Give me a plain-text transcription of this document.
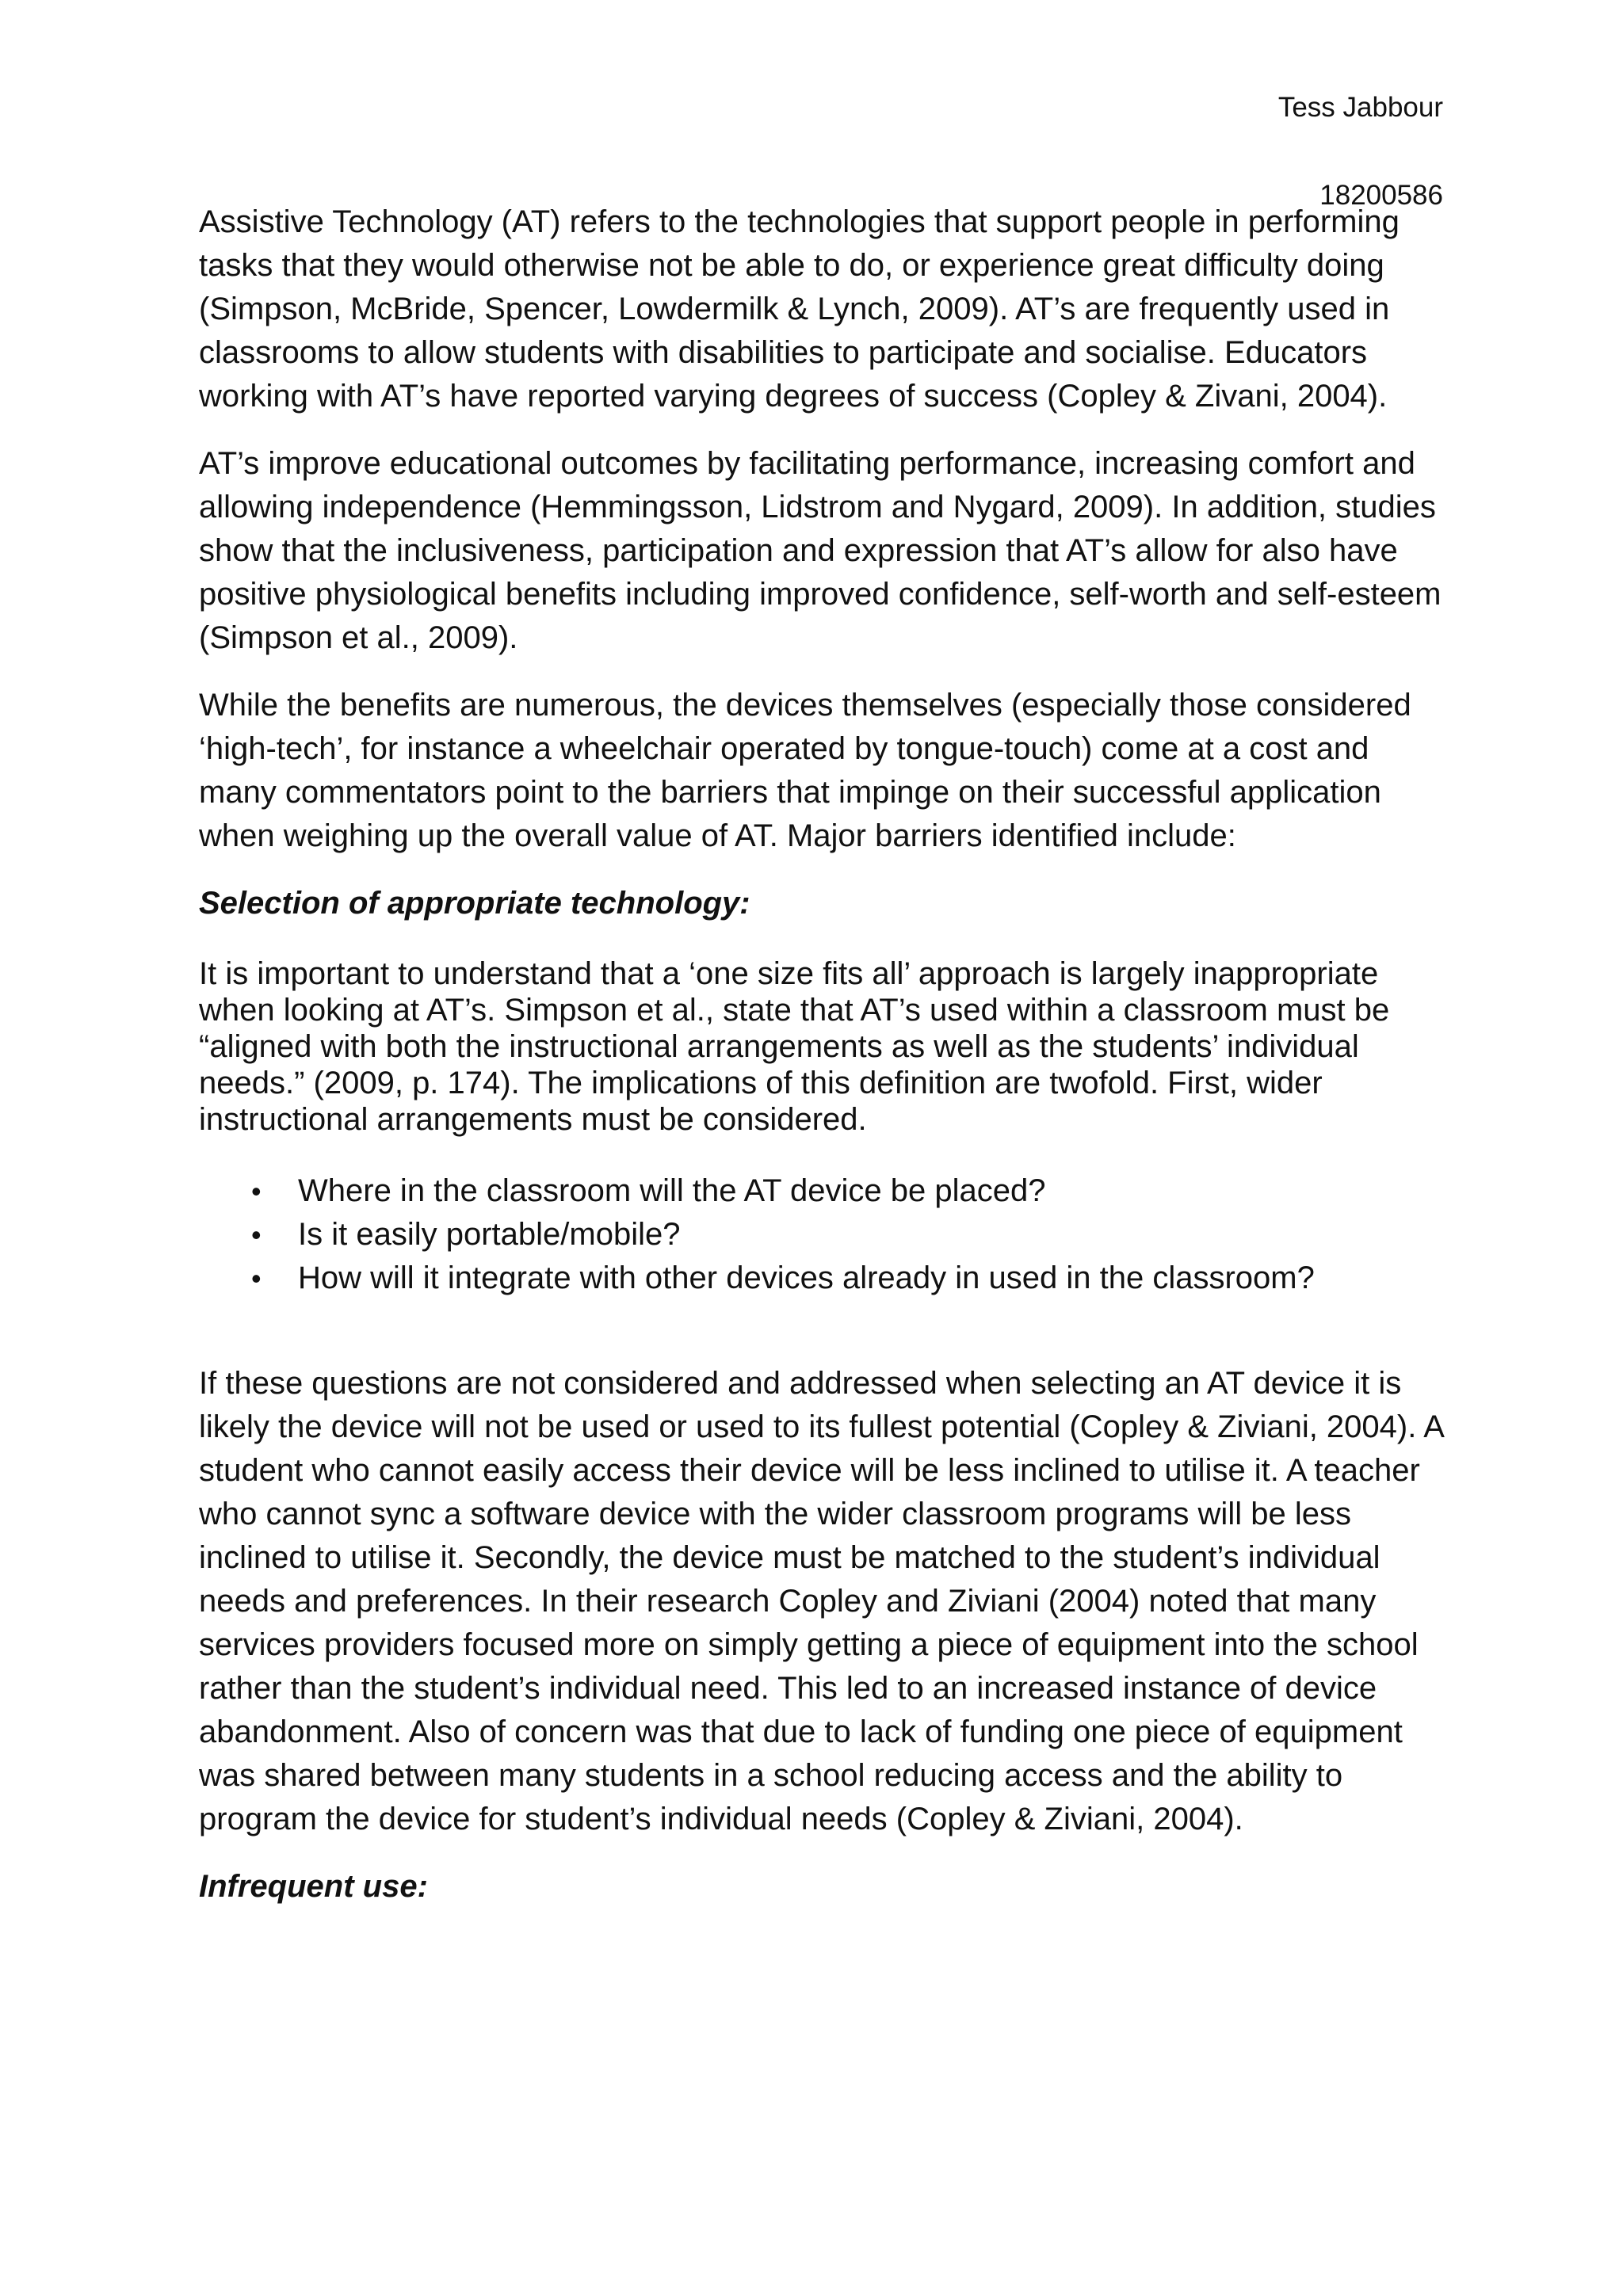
Tess Jabbour
18200586

Assistive Technology (AT) refers to the technologies that support people in performing tasks that they would otherwise not be able to do, or experience great difficulty doing (Simpson, McBride, Spencer, Lowdermilk & Lynch, 2009). AT’s are frequently used in classrooms to allow students with disabilities to participate and socialise. Educators working with AT’s have reported varying degrees of success (Copley & Zivani, 2004).

AT’s improve educational outcomes by facilitating performance, increasing comfort and allowing independence (Hemmingsson, Lidstrom and Nygard, 2009). In addition, studies show that the inclusiveness, participation and expression that AT’s allow for also have positive physiological benefits including improved confidence, self-worth and self-esteem (Simpson et al., 2009).

While the benefits are numerous, the devices themselves (especially those considered ‘high-tech’, for instance a wheelchair operated by tongue-touch) come at a cost and many commentators point to the barriers that impinge on their successful application when weighing up the overall value of AT. Major barriers identified include:

Selection of appropriate technology:

It is important to understand that a ‘one size fits all’ approach is largely inappropriate when looking at AT’s. Simpson et al., state that AT’s used within a classroom must be “aligned with both the instructional arrangements as well as the students’ individual needs.” (2009, p. 174). The implications of this definition are twofold. First, wider instructional arrangements must be considered.

• Where in the classroom will the AT device be placed?
• Is it easily portable/mobile?
• How will it integrate with other devices already in used in the classroom?

If these questions are not considered and addressed when selecting an AT device it is likely the device will not be used or used to its fullest potential (Copley & Ziviani, 2004). A student who cannot easily access their device will be less inclined to utilise it. A teacher who cannot sync a software device with the wider classroom programs will be less inclined to utilise it. Secondly, the device must be matched to the student’s individual needs and preferences. In their research Copley and Ziviani (2004) noted that many services providers focused more on simply getting a piece of equipment into the school rather than the student’s individual need. This led to an increased instance of device abandonment. Also of concern was that due to lack of funding one piece of equipment was shared between many students in a school reducing access and the ability to program the device for student’s individual needs (Copley & Ziviani, 2004).

Infrequent use:
